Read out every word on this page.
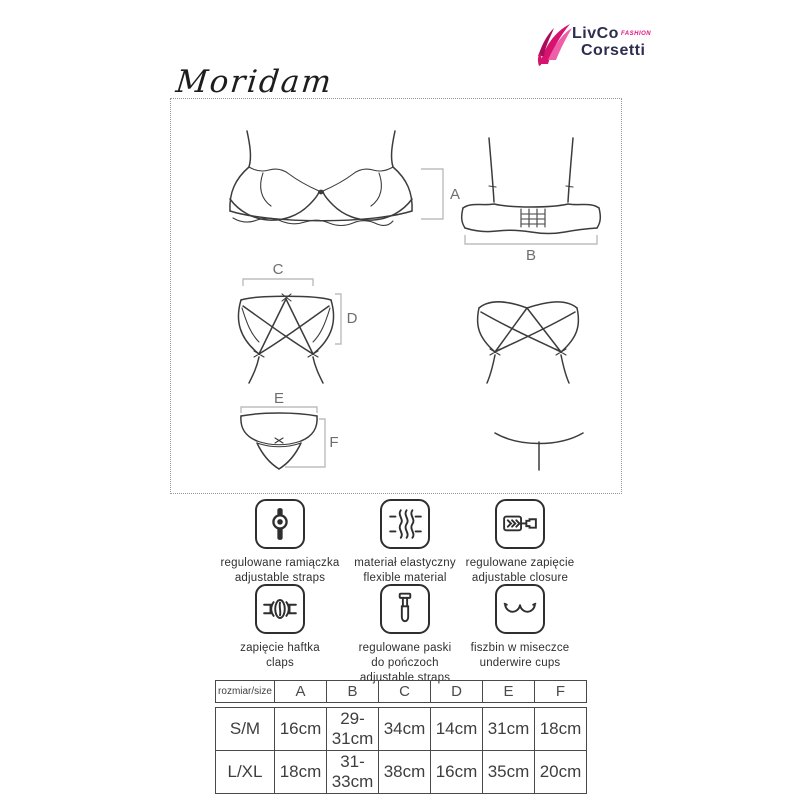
LivCo FASHION
Corsetti
Moridam
A
B
C
D
E
F
regulowane ramiączka
adjustable straps
materiał elastyczny
flexible material
regulowane zapięcie
adjustable closure
zapięcie haftka
claps
regulowane paski
do pończoch
adjustable straps
fiszbin w miseczce
underwire cups
rozmiar/size	A	B	C	D	E	F
S/M	16cm	29-31cm	34cm	14cm	31cm	18cm
L/XL	18cm	31-33cm	38cm	16cm	35cm	20cm
